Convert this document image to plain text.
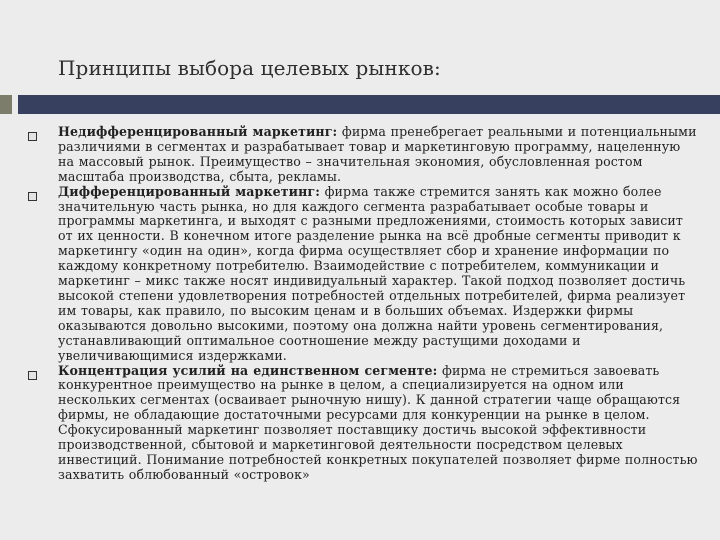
Принципы выбора целевых рынков:
Недифференцированный маркетинг: фирма пренебрегает реальными и потенциальными различиями в сегментах и разрабатывает товар и маркетинговую программу, нацеленную на массовый рынок. Преимущество – значительная экономия, обусловленная ростом масштаба производства, сбыта, рекламы.
Дифференцированный маркетинг: фирма также стремится занять как можно более значительную часть рынка, но для каждого сегмента разрабатывает особые товары и программы маркетинга, и выходят с разными предложениями, стоимость которых зависит от их ценности. В конечном итоге разделение рынка на всё дробные сегменты приводит к маркетингу «один на один», когда фирма осуществляет сбор и хранение информации по каждому конкретному потребителю. Взаимодействие с потребителем, коммуникации и маркетинг – микс также носят индивидуальный характер. Такой подход позволяет достичь высокой степени удовлетворения потребностей отдельных потребителей, фирма реализует им товары, как правило, по высоким ценам и в больших объемах. Издержки фирмы оказываются довольно высокими, поэтому она должна найти уровень сегментирования, устанавливающий оптимальное соотношение между растущими доходами и увеличивающимися издержками.
Концентрация усилий на единственном сегменте: фирма не стремиться завоевать конкурентное преимущество на рынке в целом, а специализируется на одном или нескольких сегментах (осваивает рыночную нишу). К данной стратегии чаще обращаются фирмы, не обладающие достаточными ресурсами для конкуренции на рынке в целом. Сфокусированный маркетинг позволяет поставщику достичь высокой эффективности производственной, сбытовой и маркетинговой деятельности посредством целевых инвестиций. Понимание потребностей конкретных покупателей позволяет фирме полностью захватить облюбованный «островок»
